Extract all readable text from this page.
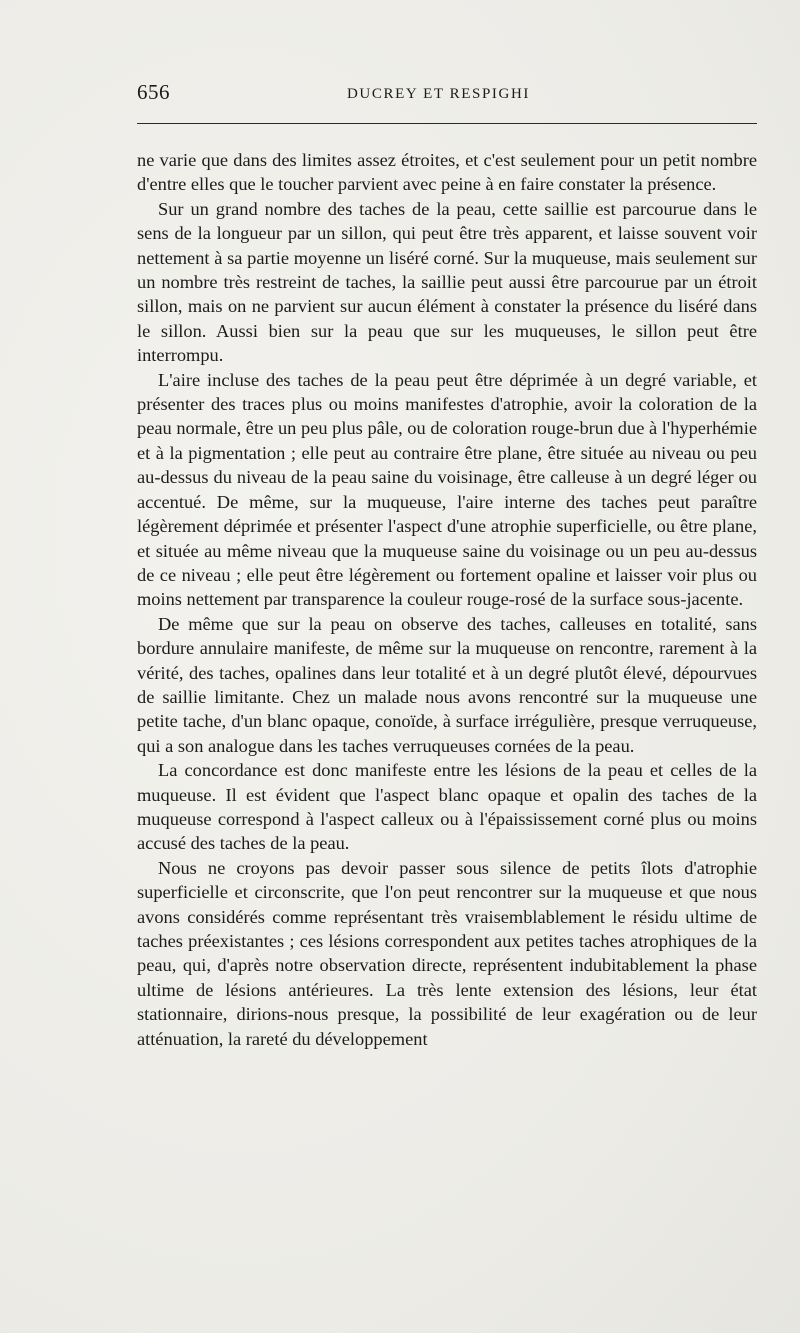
656	DUCREY ET RESPIGHI

ne varie que dans des limites assez étroites, et c'est seulement pour un petit nombre d'entre elles que le toucher parvient avec peine à en faire constater la présence.

Sur un grand nombre des taches de la peau, cette saillie est parcourue dans le sens de la longueur par un sillon, qui peut être très apparent, et laisse souvent voir nettement à sa partie moyenne un liséré corné. Sur la muqueuse, mais seulement sur un nombre très restreint de taches, la saillie peut aussi être parcourue par un étroit sillon, mais on ne parvient sur aucun élément à constater la présence du liséré dans le sillon. Aussi bien sur la peau que sur les muqueuses, le sillon peut être interrompu.

L'aire incluse des taches de la peau peut être déprimée à un degré variable, et présenter des traces plus ou moins manifestes d'atrophie, avoir la coloration de la peau normale, être un peu plus pâle, ou de coloration rouge-brun due à l'hyperhémie et à la pigmentation ; elle peut au contraire être plane, être située au niveau ou peu au-dessus du niveau de la peau saine du voisinage, être calleuse à un degré léger ou accentué. De même, sur la muqueuse, l'aire interne des taches peut paraître légèrement déprimée et présenter l'aspect d'une atrophie superficielle, ou être plane, et située au même niveau que la muqueuse saine du voisinage ou un peu au-dessus de ce niveau ; elle peut être légèrement ou fortement opaline et laisser voir plus ou moins nettement par transparence la couleur rouge-rosé de la surface sous-jacente.

De même que sur la peau on observe des taches, calleuses en totalité, sans bordure annulaire manifeste, de même sur la muqueuse on rencontre, rarement à la vérité, des taches, opalines dans leur totalité et à un degré plutôt élevé, dépourvues de saillie limitante. Chez un malade nous avons rencontré sur la muqueuse une petite tache, d'un blanc opaque, conoïde, à surface irrégulière, presque verruqueuse, qui a son analogue dans les taches verruqueuses cornées de la peau.

La concordance est donc manifeste entre les lésions de la peau et celles de la muqueuse. Il est évident que l'aspect blanc opaque et opalin des taches de la muqueuse correspond à l'aspect calleux ou à l'épaississement corné plus ou moins accusé des taches de la peau.

Nous ne croyons pas devoir passer sous silence de petits îlots d'atrophie superficielle et circonscrite, que l'on peut rencontrer sur la muqueuse et que nous avons considérés comme représentant très vraisemblablement le résidu ultime de taches préexistantes ; ces lésions correspondent aux petites taches atrophiques de la peau, qui, d'après notre observation directe, représentent indubitablement la phase ultime de lésions antérieures. La très lente extension des lésions, leur état stationnaire, dirions-nous presque, la possibilité de leur exagération ou de leur atténuation, la rareté du développement
